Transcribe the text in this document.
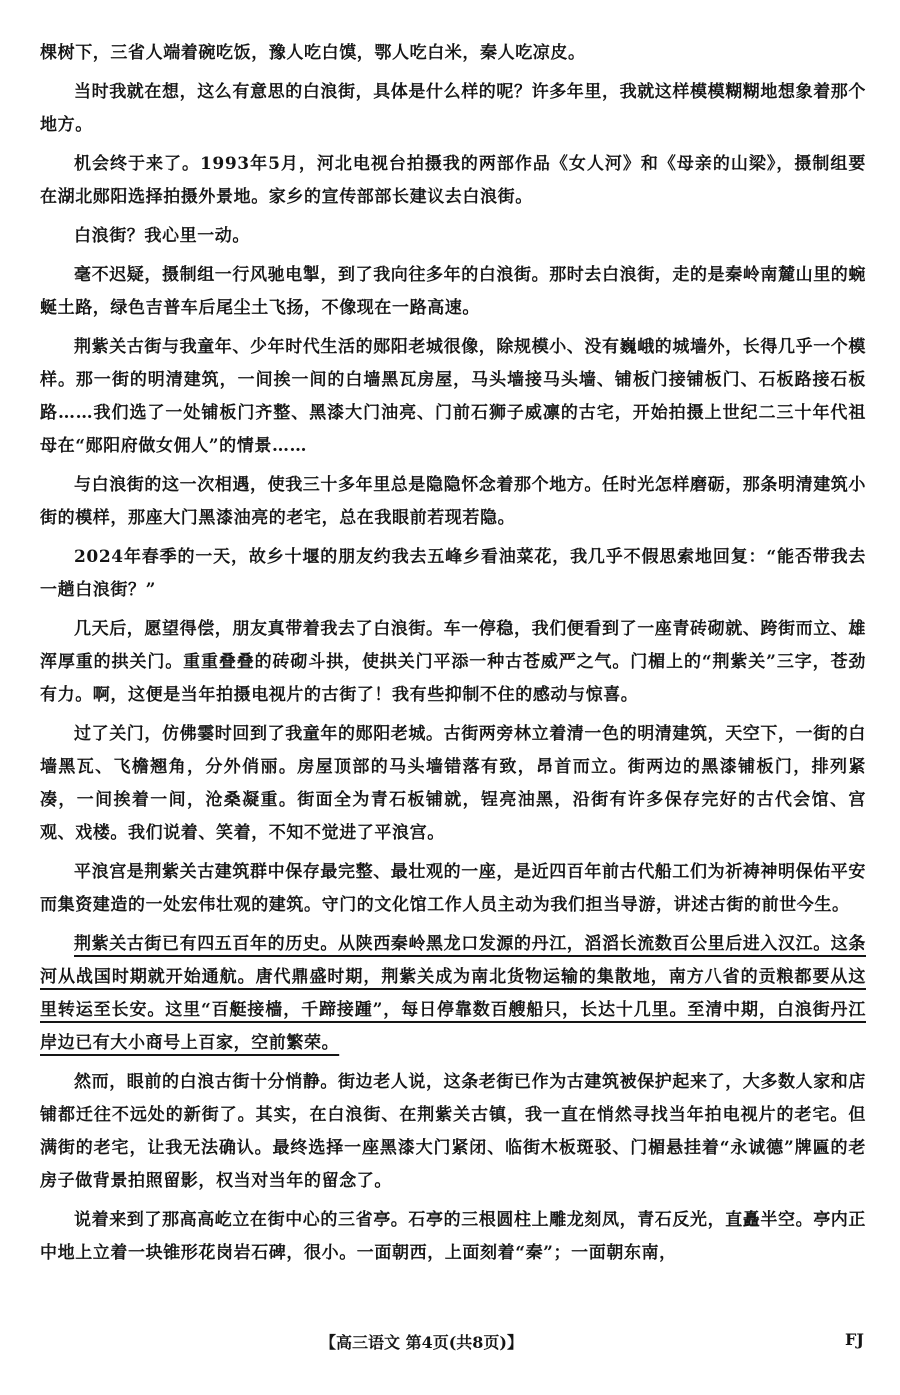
棵树下，三省人端着碗吃饭，豫人吃白馍，鄂人吃白米，秦人吃凉皮。

当时我就在想，这么有意思的白浪街，具体是什么样的呢？许多年里，我就这样模模糊糊地想象着那个地方。

机会终于来了。1993年5月，河北电视台拍摄我的两部作品《女人河》和《母亲的山梁》，摄制组要在湖北郧阳选择拍摄外景地。家乡的宣传部部长建议去白浪街。

白浪街？我心里一动。

毫不迟疑，摄制组一行风驰电掣，到了我向往多年的白浪街。那时去白浪街，走的是秦岭南麓山里的蜿蜒土路，绿色吉普车后尾尘土飞扬，不像现在一路高速。

荆紫关古街与我童年、少年时代生活的郧阳老城很像，除规模小、没有巍峨的城墙外，长得几乎一个模样。那一街的明清建筑，一间挨一间的白墙黑瓦房屋，马头墙接马头墙、铺板门接铺板门、石板路接石板路……我们选了一处铺板门齐整、黑漆大门油亮、门前石狮子威凛的古宅，开始拍摄上世纪二三十年代祖母在“郧阳府做女佣人”的情景……

与白浪街的这一次相遇，使我三十多年里总是隐隐怀念着那个地方。任时光怎样磨砺，那条明清建筑小街的模样，那座大门黑漆油亮的老宅，总在我眼前若现若隐。

2024年春季的一天，故乡十堰的朋友约我去五峰乡看油菜花，我几乎不假思索地回复：“能否带我去一趟白浪街？”

几天后，愿望得偿，朋友真带着我去了白浪街。车一停稳，我们便看到了一座青砖砌就、跨街而立、雄浑厚重的拱关门。重重叠叠的砖砌斗拱，使拱关门平添一种古苍威严之气。门楣上的“荆紫关”三字，苍劲有力。啊，这便是当年拍摄电视片的古街了！我有些抑制不住的感动与惊喜。

过了关门，仿佛霎时回到了我童年的郧阳老城。古街两旁林立着清一色的明清建筑，天空下，一街的白墙黑瓦、飞檐翘角，分外俏丽。房屋顶部的马头墙错落有致，昂首而立。街两边的黑漆铺板门，排列紧凑，一间挨着一间，沧桑凝重。街面全为青石板铺就，锃亮油黑，沿街有许多保存完好的古代会馆、宫观、戏楼。我们说着、笑着，不知不觉进了平浪宫。

平浪宫是荆紫关古建筑群中保存最完整、最壮观的一座，是近四百年前古代船工们为祈祷神明保佑平安而集资建造的一处宏伟壮观的建筑。守门的文化馆工作人员主动为我们担当导游，讲述古街的前世今生。

荆紫关古街已有四五百年的历史。从陕西秦岭黑龙口发源的丹江，滔滔长流数百公里后进入汉江。这条河从战国时期就开始通航。唐代鼎盛时期，荆紫关成为南北货物运输的集散地，南方八省的贡粮都要从这里转运至长安。这里“百艇接樯，千蹄接踵”，每日停靠数百艘船只，长达十几里。至清中期，白浪街丹江岸边已有大小商号上百家，空前繁荣。

然而，眼前的白浪古街十分悄静。街边老人说，这条老街已作为古建筑被保护起来了，大多数人家和店铺都迁往不远处的新街了。其实，在白浪街、在荆紫关古镇，我一直在悄然寻找当年拍电视片的老宅。但满街的老宅，让我无法确认。最终选择一座黑漆大门紧闭、临街木板斑驳、门楣悬挂着“永诚德”牌匾的老房子做背景拍照留影，权当对当年的留念了。

说着来到了那高高屹立在街中心的三省亭。石亭的三根圆柱上雕龙刻凤，青石反光，直矗半空。亭内正中地上立着一块锥形花岗岩石碑，很小。一面朝西，上面刻着“秦”；一面朝东南，

【高三语文 第4页(共8页)】	FJ
